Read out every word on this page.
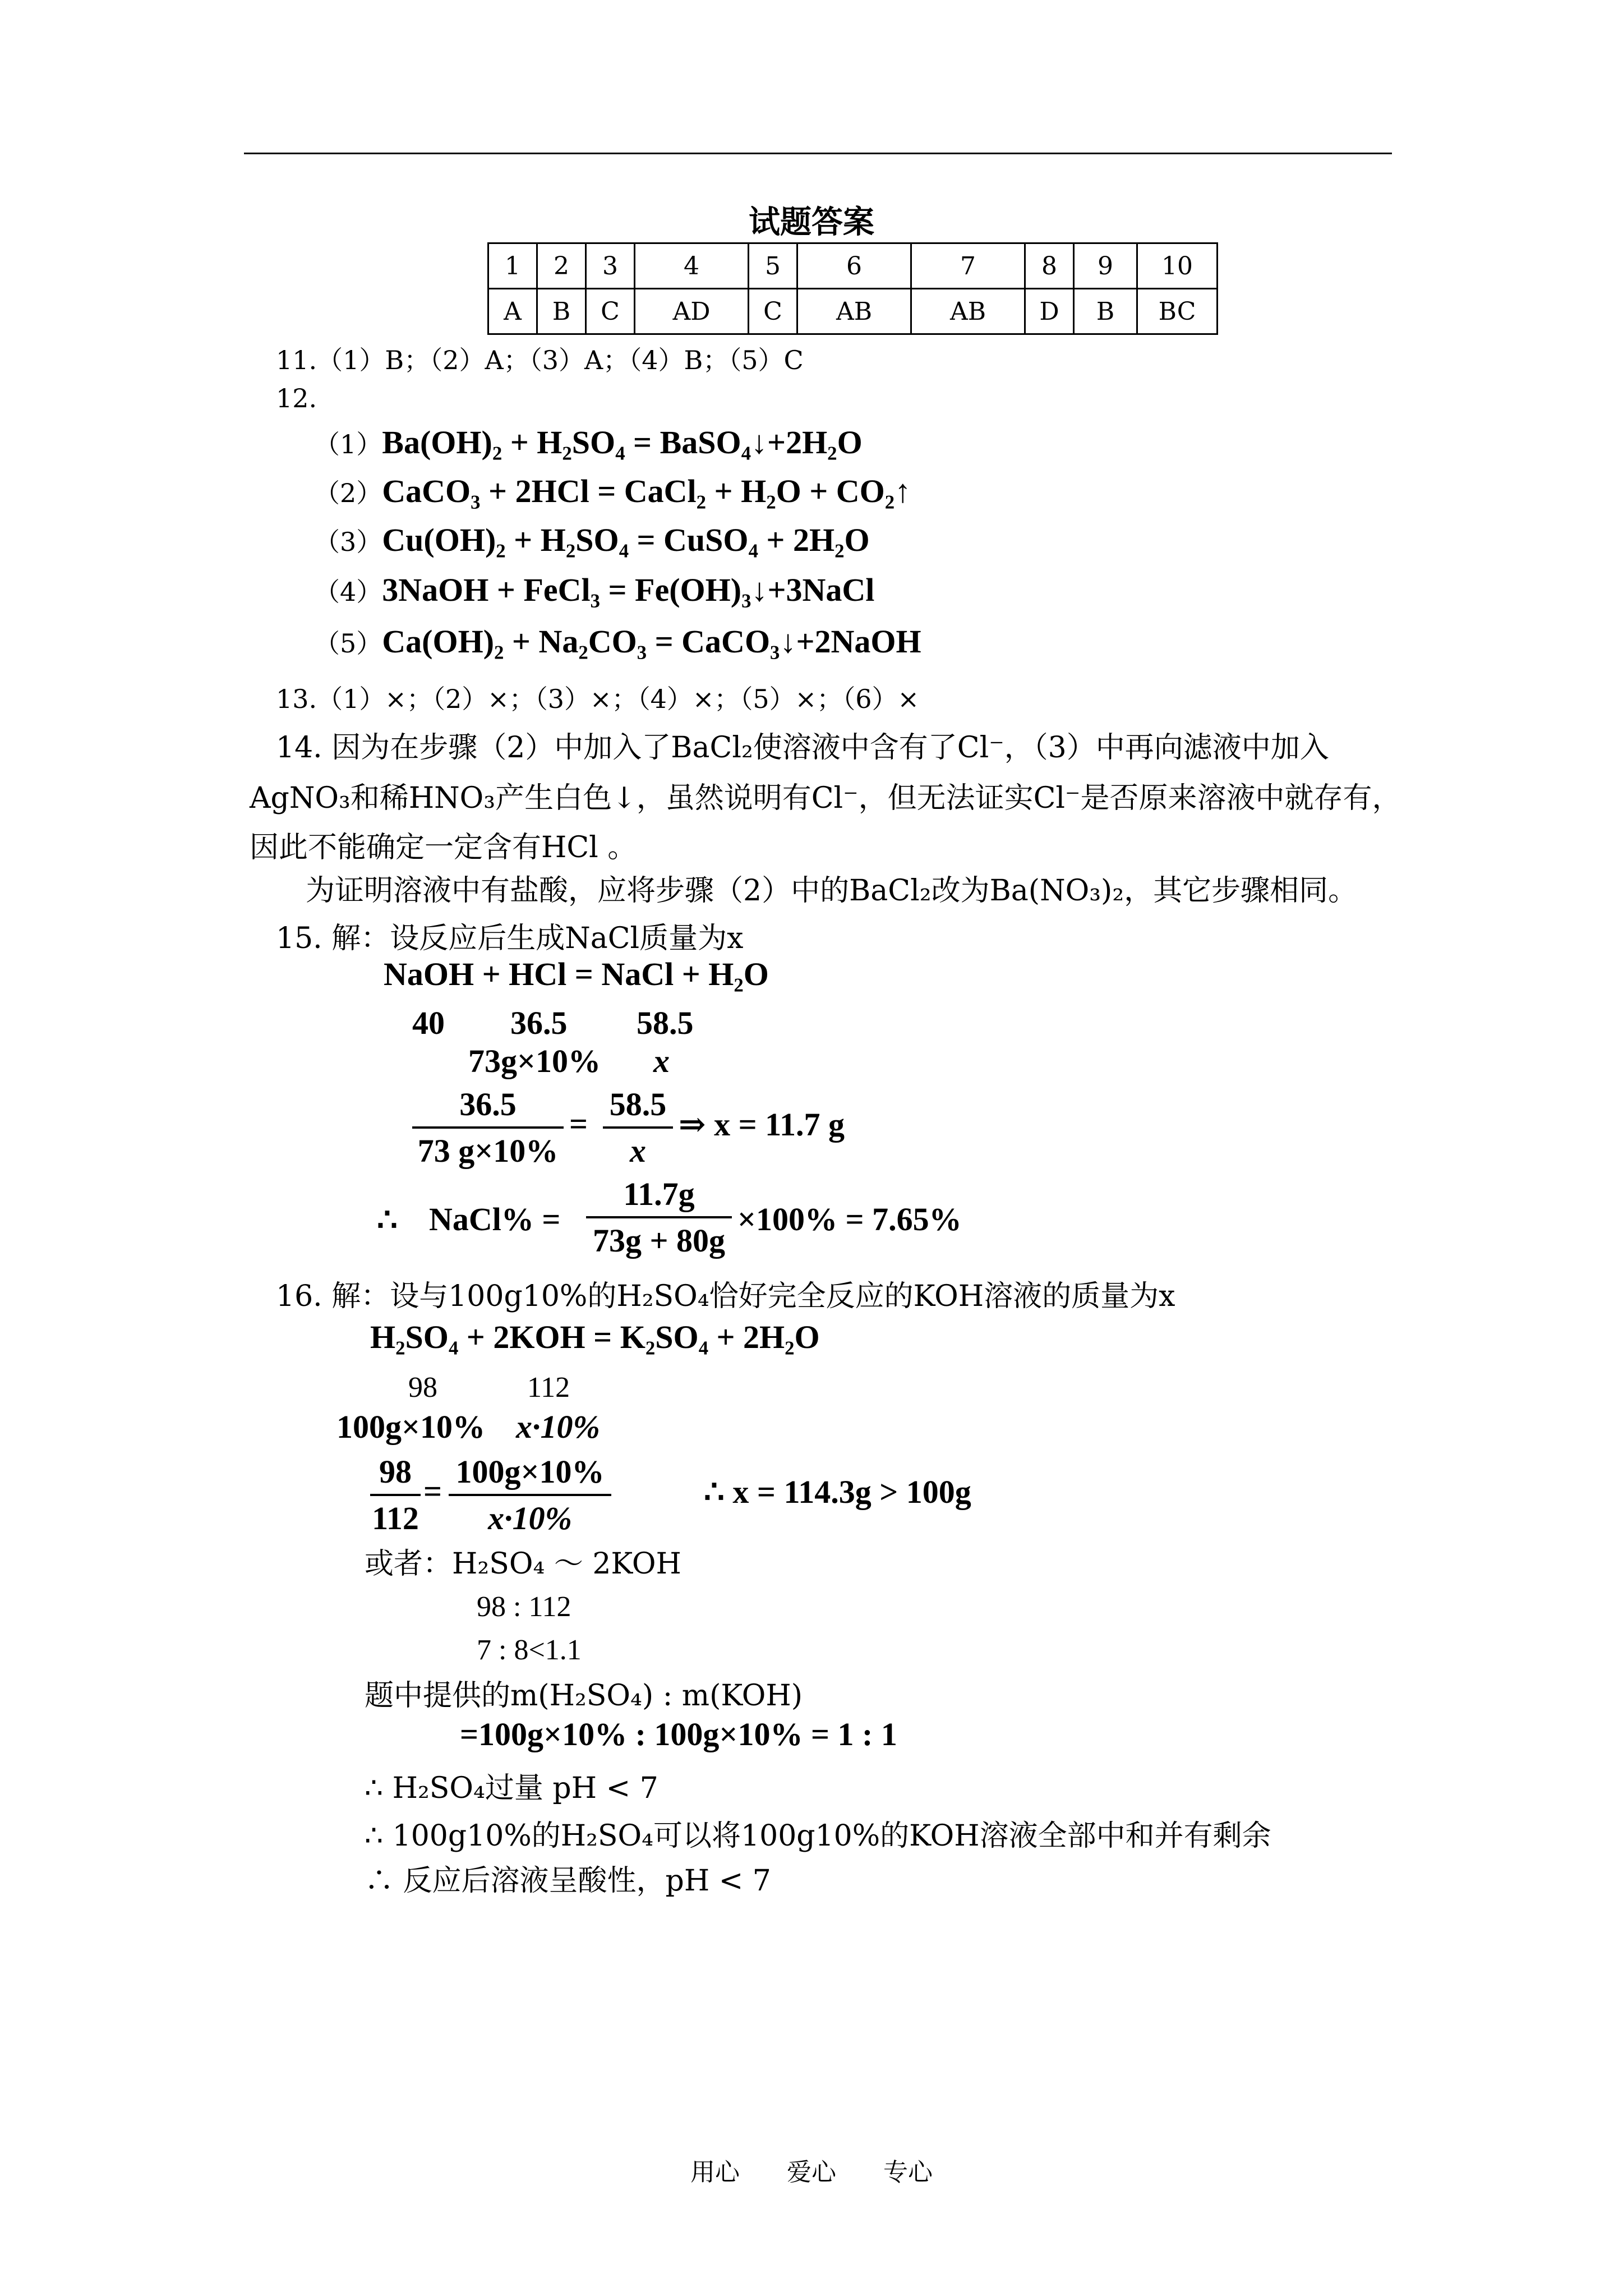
试题答案
1	2	3	4	5	6	7	8	9	10
A	B	C	AD	C	AB	AB	D	B	BC
11.（1）B；（2）A；（3）A；（4）B；（5）C
12.
（1）Ba(OH)₂ + H₂SO₄ = BaSO₄↓+2H₂O
（2）CaCO₃ + 2HCl = CaCl₂ + H₂O + CO₂↑
（3）Cu(OH)₂ + H₂SO₄ = CuSO₄ + 2H₂O
（4）3NaOH + FeCl₃ = Fe(OH)₃↓+3NaCl
（5）Ca(OH)₂ + Na₂CO₃ = CaCO₃↓+2NaOH
13.（1）×；（2）×；（3）×；（4）×；（5）×；（6）×
14. 因为在步骤（2）中加入了BaCl₂使溶液中含有了Cl⁻，（3）中再向滤液中加入
AgNO₃和稀HNO₃产生白色↓，虽然说明有Cl⁻，但无法证实Cl⁻是否原来溶液中就存有，
因此不能确定一定含有HCl 。
为证明溶液中有盐酸，应将步骤（2）中的BaCl₂改为Ba(NO₃)₂，其它步骤相同。
15. 解：设反应后生成NaCl质量为x
NaOH + HCl = NaCl + H₂O
40 36.5 58.5
73g×10% x
36.5
73 g×10%
=
58.5
x
⇒ x = 11.7 g
∴ NaCl% =
11.7g
73g + 80g
×100% = 7.65%
16. 解：设与100g10%的H₂SO₄恰好完全反应的KOH溶液的质量为x
H₂SO₄ + 2KOH = K₂SO₄ + 2H₂O
98	112
100g×10% x·10%
98
112
=
100g×10%
x·10%
∴ x = 114.3g > 100g
或者：H₂SO₄ ～ 2KOH
98 : 112
7 : 8<1.1
题中提供的m(H₂SO₄) : m(KOH)
=100g×10% : 100g×10% = 1 : 1
∴ H₂SO₄过量 pH < 7
∴ 100g10%的H₂SO₄可以将100g10%的KOH溶液全部中和并有剩余
∴ 反应后溶液呈酸性，pH < 7
用心 爱心 专心
